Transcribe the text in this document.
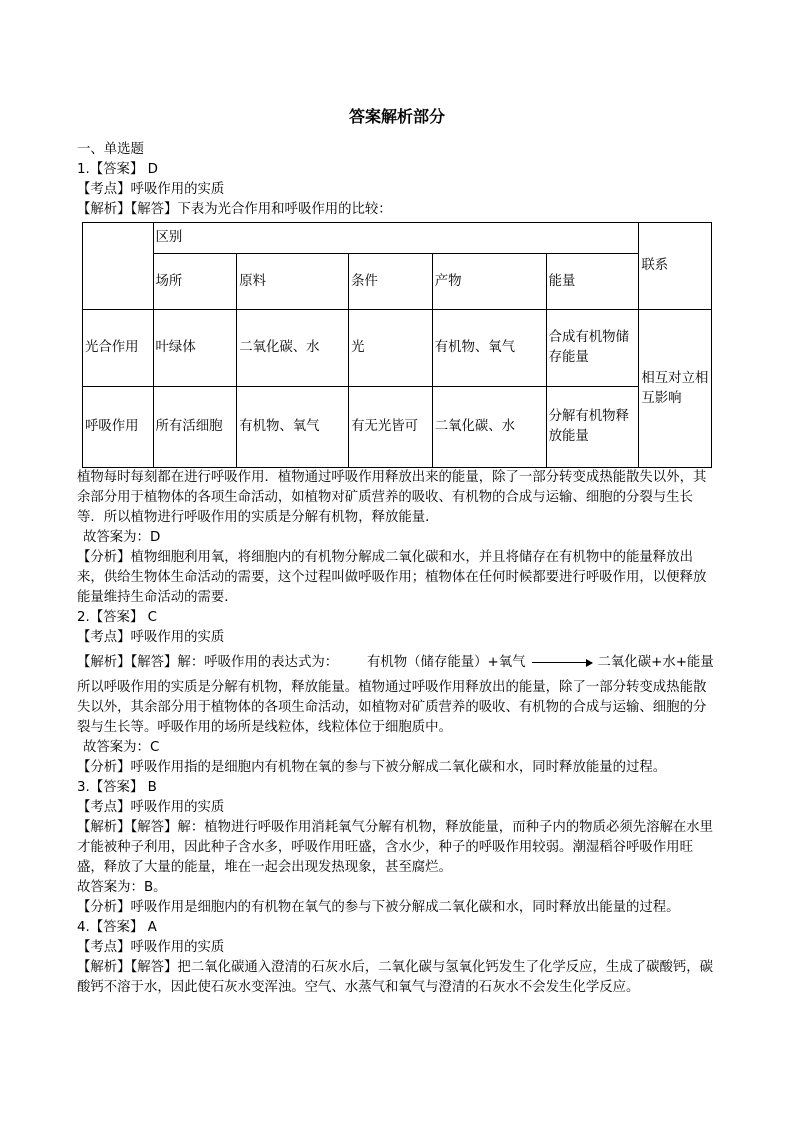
答案解析部分
一、单选题
1.【答案】 D
【考点】呼吸作用的实质
【解析】【解答】下表为光合作用和呼吸作用的比较：
	区别					联系
	场所	原料	条件	产物	能量	
光合作用	叶绿体	二氧化碳、水	光	有机物、氧气	合成有机物储存能量	相互对立相互影响
呼吸作用	所有活细胞	有机物、氧气	有无光皆可	二氧化碳、水	分解有机物释放能量	
植物每时每刻都在进行呼吸作用．植物通过呼吸作用释放出来的能量，除了一部分转变成热能散失以外，其余部分用于植物体的各项生命活动，如植物对矿质营养的吸收、有机物的合成与运输、细胞的分裂与生长等．所以植物进行呼吸作用的实质是分解有机物，释放能量．
故答案为：D
【分析】植物细胞利用氧，将细胞内的有机物分解成二氧化碳和水，并且将储存在有机物中的能量释放出来，供给生物体生命活动的需要，这个过程叫做呼吸作用；植物体在任何时候都要进行呼吸作用，以便释放能量维持生命活动的需要．
2.【答案】 C
【考点】呼吸作用的实质
【解析】【解答】解：呼吸作用的表达式为： 有机物（储存能量）+氧气	二氧化碳+水+能量
所以呼吸作用的实质是分解有机物，释放能量。植物通过呼吸作用释放出的能量，除了一部分转变成热能散失以外，其余部分用于植物体的各项生命活动，如植物对矿质营养的吸收、有机物的合成与运输、细胞的分裂与生长等。呼吸作用的场所是线粒体，线粒体位于细胞质中。
故答案为：C
【分析】呼吸作用指的是细胞内有机物在氧的参与下被分解成二氧化碳和水，同时释放能量的过程。
3.【答案】 B
【考点】呼吸作用的实质
【解析】【解答】解：植物进行呼吸作用消耗氧气分解有机物，释放能量，而种子内的物质必须先溶解在水里才能被种子利用，因此种子含水多，呼吸作用旺盛，含水少，种子的呼吸作用较弱。潮湿稻谷呼吸作用旺盛，释放了大量的能量，堆在一起会出现发热现象，甚至腐烂。
故答案为：B。
【分析】呼吸作用是细胞内的有机物在氧气的参与下被分解成二氧化碳和水，同时释放出能量的过程。
4.【答案】 A
【考点】呼吸作用的实质
【解析】【解答】把二氧化碳通入澄清的石灰水后，二氧化碳与氢氧化钙发生了化学反应，生成了碳酸钙，碳酸钙不溶于水，因此使石灰水变浑浊。空气、水蒸气和氧气与澄清的石灰水不会发生化学反应。
